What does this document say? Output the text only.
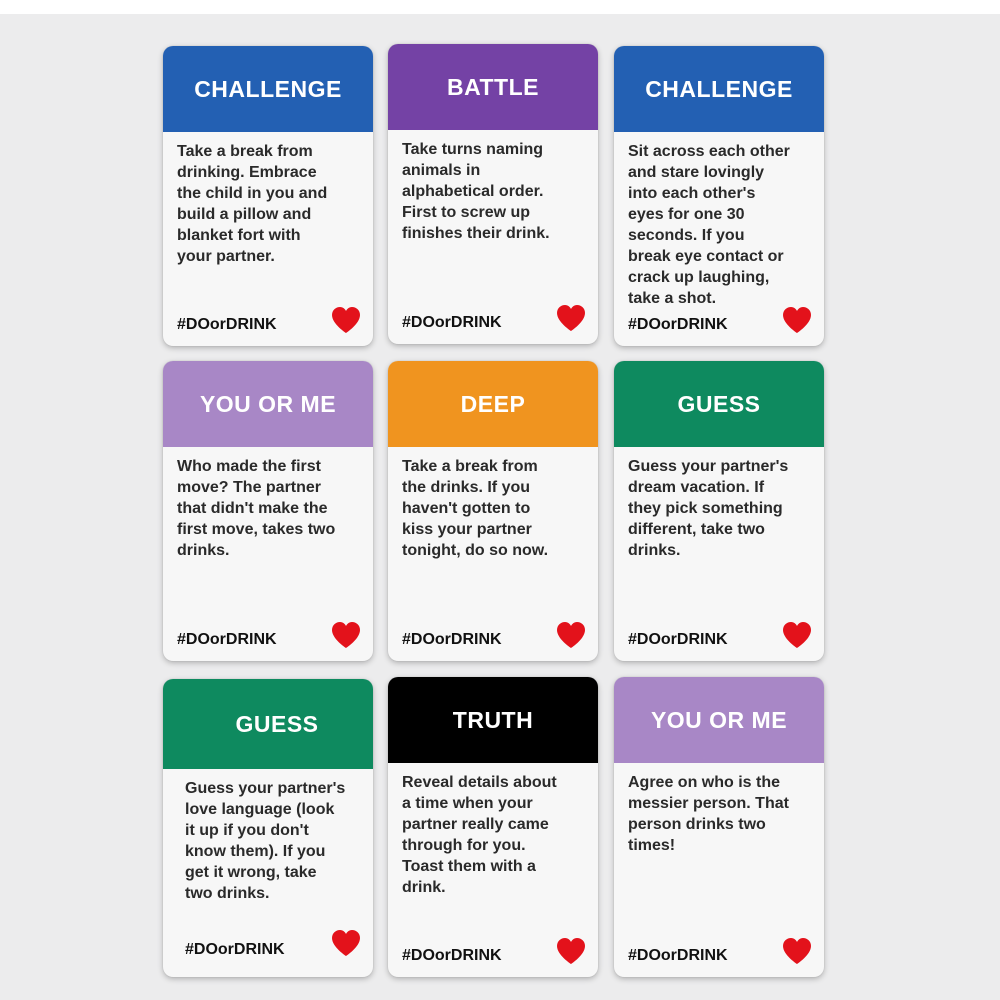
CHALLENGE
Take a break from
drinking. Embrace
the child in you and
build a pillow and
blanket fort with
your partner.
#DOorDRINK
BATTLE
Take turns naming
animals in
alphabetical order.
First to screw up
finishes their drink.
#DOorDRINK
CHALLENGE
Sit across each other
and stare lovingly
into each other's
eyes for one 30
seconds. If you
break eye contact or
crack up laughing,
take a shot.
#DOorDRINK
YOU OR ME
Who made the first
move? The partner
that didn't make the
first move, takes two
drinks.
#DOorDRINK
DEEP
Take a break from
the drinks. If you
haven't gotten to
kiss your partner
tonight, do so now.
#DOorDRINK
GUESS
Guess your partner's
dream vacation. If
they pick something
different, take two
drinks.
#DOorDRINK
GUESS
Guess your partner's
love language (look
it up if you don't
know them). If you
get it wrong, take
two drinks.
#DOorDRINK
TRUTH
Reveal details about
a time when your
partner really came
through for you.
Toast them with a
drink.
#DOorDRINK
YOU OR ME
Agree on who is the
messier person. That
person drinks two
times!
#DOorDRINK
